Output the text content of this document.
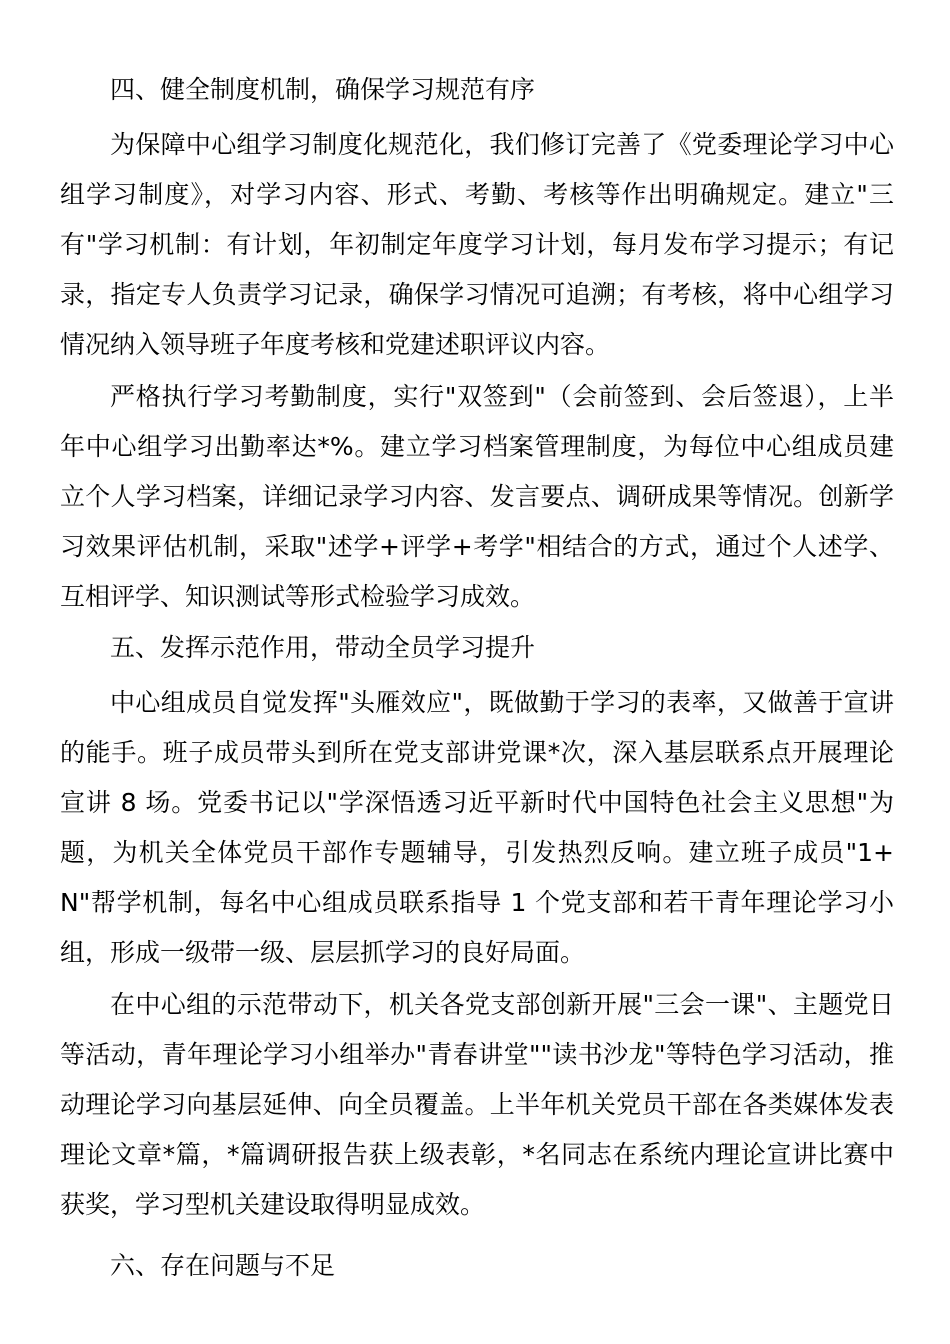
四、健全制度机制，确保学习规范有序

为保障中心组学习制度化规范化，我们修订完善了《党委理论学习中心组学习制度》，对学习内容、形式、考勤、考核等作出明确规定。建立"三有"学习机制：有计划，年初制定年度学习计划，每月发布学习提示；有记录，指定专人负责学习记录，确保学习情况可追溯；有考核，将中心组学习情况纳入领导班子年度考核和党建述职评议内容。

严格执行学习考勤制度，实行"双签到"（会前签到、会后签退），上半年中心组学习出勤率达*%。建立学习档案管理制度，为每位中心组成员建立个人学习档案，详细记录学习内容、发言要点、调研成果等情况。创新学习效果评估机制，采取"述学+评学+考学"相结合的方式，通过个人述学、互相评学、知识测试等形式检验学习成效。

五、发挥示范作用，带动全员学习提升

中心组成员自觉发挥"头雁效应"，既做勤于学习的表率，又做善于宣讲的能手。班子成员带头到所在党支部讲党课*次，深入基层联系点开展理论宣讲 8 场。党委书记以"学深悟透习近平新时代中国特色社会主义思想"为题，为机关全体党员干部作专题辅导，引发热烈反响。建立班子成员"1+N"帮学机制，每名中心组成员联系指导 1 个党支部和若干青年理论学习小组，形成一级带一级、层层抓学习的良好局面。

在中心组的示范带动下，机关各党支部创新开展"三会一课"、主题党日等活动，青年理论学习小组举办"青春讲堂""读书沙龙"等特色学习活动，推动理论学习向基层延伸、向全员覆盖。上半年机关党员干部在各类媒体发表理论文章*篇，*篇调研报告获上级表彰，*名同志在系统内理论宣讲比赛中获奖，学习型机关建设取得明显成效。

六、存在问题与不足
